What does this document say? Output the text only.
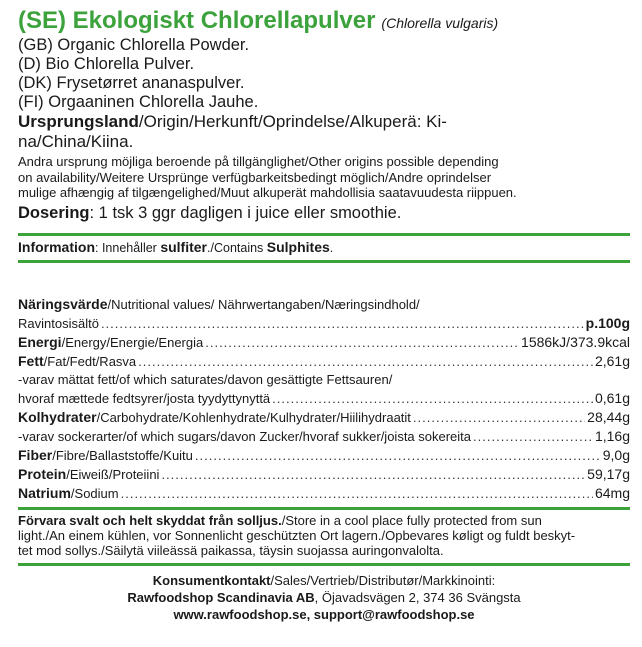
(SE) Ekologiskt Chlorellapulver (Chlorella vulgaris)
(GB) Organic Chlorella Powder.
(D) Bio Chlorella Pulver.
(DK) Frysetørret ananaspulver.
(FI) Orgaaninen Chlorella Jauhe.
Ursprungsland/Origin/Herkunft/Oprindelse/Alkuperä: Ki-
na/China/Kiina.
Andra ursprung möjliga beroende på tillgänglighet/Other origins possible depending
on availability/Weitere Ursprünge verfügbarkeitsbedingt möglich/Andre oprindelser
mulige afhængig af tilgængelighed/Muut alkuperät mahdollisia saatavuudesta riippuen.
Dosering: 1 tsk 3 ggr dagligen i juice eller smoothie.
Information: Innehåller sulfiter./Contains Sulphites.
Näringsvärde/Nutritional values/ Nährwertangaben/Næringsindhold/
Ravintosisältö .....	p.100g
Energi/Energy/Energie/Energia .....	1586kJ/373.9kcal
Fett/Fat/Fedt/Rasva .....	2,61g
-varav mättat fett/of which saturates/davon gesättigte Fettsauren/
hvoraf mættede fedtsyrer/josta tyydyttynyttä .....	0,61g
Kolhydrater/Carbohydrate/Kohlenhydrate/Kulhydrater/Hiilihydraatit .....	28,44g
-varav sockerarter/of which sugars/davon Zucker/hvoraf sukker/joista sokereita .....	1,16g
Fiber/Fibre/Ballaststoffe/Kuitu .....	9,0g
Protein/Eiweiß/Proteiini .....	59,17g
Natrium/Sodium .....	64mg
Förvara svalt och helt skyddat från solljus./Store in a cool place fully protected from sun
light./An einem kühlen, vor Sonnenlicht geschützten Ort lagern./Opbevares køligt og fuldt beskyt-
tet mod sollys./Säilytä viileässä paikassa, täysin suojassa auringonvalolta.
Konsumentkontakt/Sales/Vertrieb/Distributør/Markkinointi:
Rawfoodshop Scandinavia AB, Öjavadsvägen 2, 374 36 Svängsta
www.rawfoodshop.se, support@rawfoodshop.se
